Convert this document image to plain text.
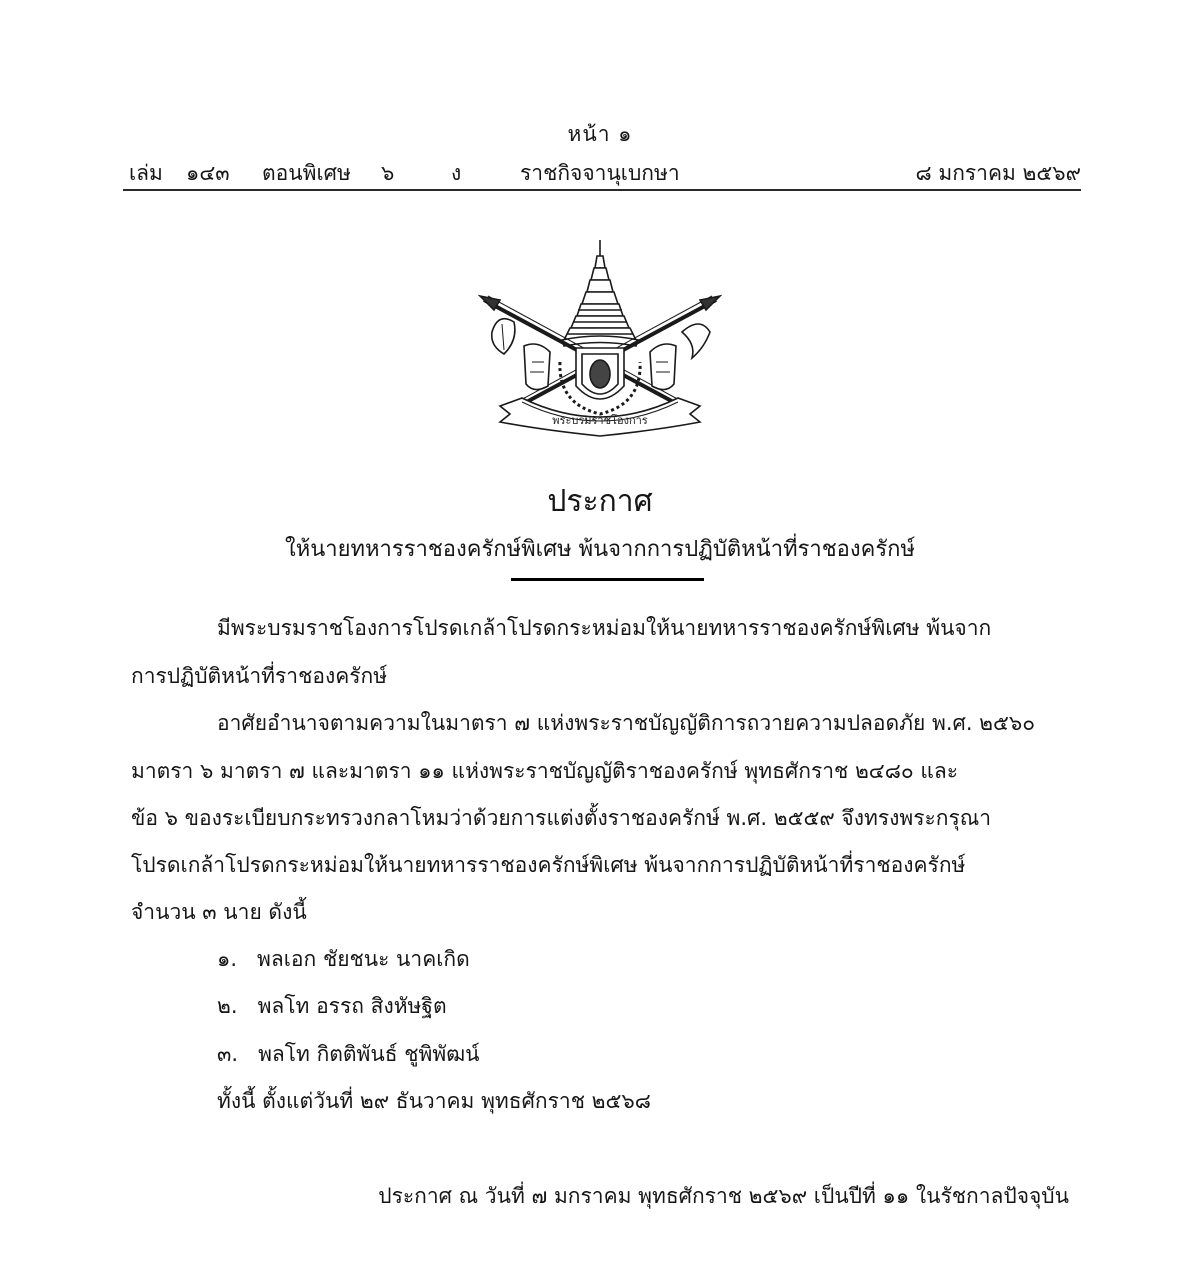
หน้า ๑
เล่ม ๑๔๓ ตอนพิเศษ ๖	ง	ราชกิจจานุเบกษา	๘ มกราคม ๒๕๖๙
พระบรมราชโองการ
ประกาศ
ให้นายทหารราชองครักษ์พิเศษ พ้นจากการปฏิบัติหน้าที่ราชองครักษ์
มีพระบรมราชโองการโปรดเกล้าโปรดกระหม่อมให้นายทหารราชองครักษ์พิเศษ พ้นจาก
การปฏิบัติหน้าที่ราชองครักษ์
อาศัยอำนาจตามความในมาตรา ๗ แห่งพระราชบัญญัติการถวายความปลอดภัย พ.ศ. ๒๕๖๐
มาตรา ๖ มาตรา ๗ และมาตรา ๑๑ แห่งพระราชบัญญัติราชองครักษ์ พุทธศักราช ๒๔๘๐ และ
ข้อ ๖ ของระเบียบกระทรวงกลาโหมว่าด้วยการแต่งตั้งราชองครักษ์ พ.ศ. ๒๕๕๙ จึงทรงพระกรุณา
โปรดเกล้าโปรดกระหม่อมให้นายทหารราชองครักษ์พิเศษ พ้นจากการปฏิบัติหน้าที่ราชองครักษ์
จำนวน ๓ นาย ดังนี้
๑. พลเอก ชัยชนะ นาคเกิด
๒. พลโท อรรถ สิงหัษฐิต
๓. พลโท กิตติพันธ์ ชูพิพัฒน์
ทั้งนี้ ตั้งแต่วันที่ ๒๙ ธันวาคม พุทธศักราช ๒๕๖๘
ประกาศ ณ วันที่ ๗ มกราคม พุทธศักราช ๒๕๖๙ เป็นปีที่ ๑๑ ในรัชกาลปัจจุบัน
